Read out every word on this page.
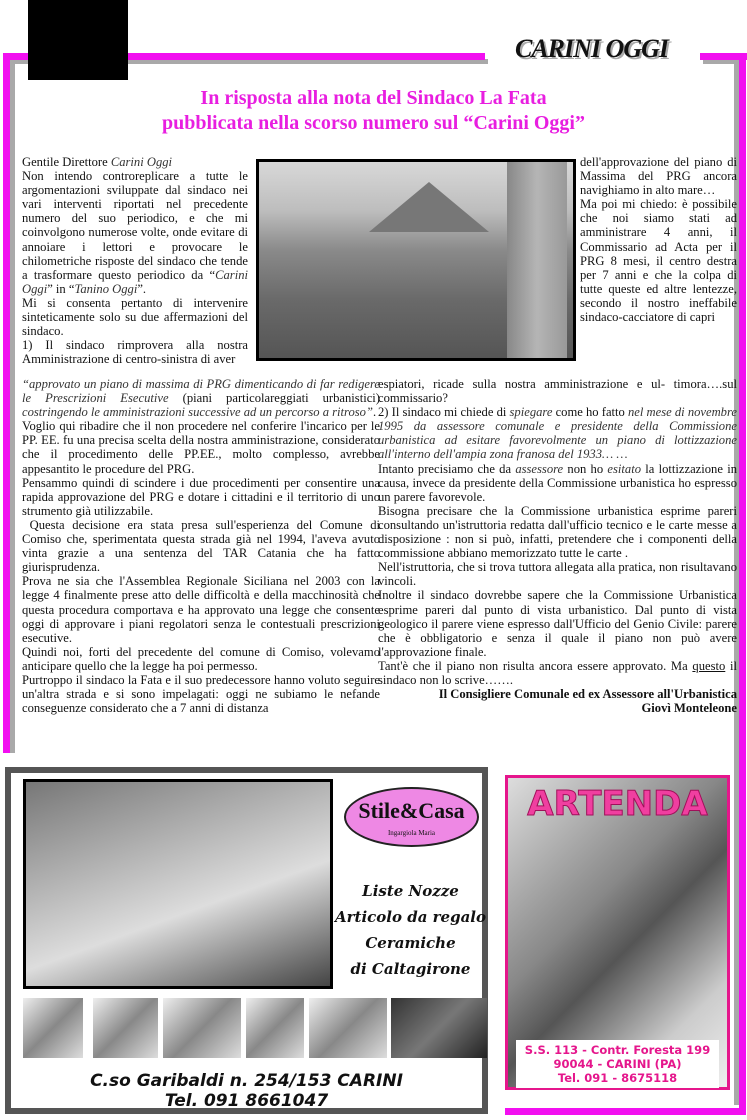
CARINI OGGI
In risposta alla nota del Sindaco La Fata
pubblicata nella scorso numero sul “Carini Oggi”

Gentile Direttore Carini Oggi

Non intendo controreplicare a tutte le argomentazioni sviluppate dal sindaco nei vari interventi riportati nel precedente numero del suo periodico, e che mi coinvolgono numerose volte, onde evitare di annoiare i lettori e provocare le chilometriche risposte del sindaco che tende a trasformare questo periodico da “Carini Oggi” in “Tanino Oggi”.

Mi si consenta pertanto di intervenire sinteticamente solo su due affermazioni del sindaco.

1) Il sindaco rimprovera alla nostra Amministrazione di centro-sinistra di aver

“approvato un piano di massima di PRG dimenticando di far redigere le Prescrizioni Esecutive (piani particolareggiati urbanistici) costringendo le amministrazioni successive ad un percorso a ritroso”.

Voglio qui ribadire che il non procedere nel conferire l'incarico per le PP. EE. fu una precisa scelta della nostra amministrazione, considerato che il procedimento delle PP.EE., molto complesso, avrebbe appesantito le procedure del PRG.

Pensammo quindi di scindere i due procedimenti per consentire una rapida approvazione del PRG e dotare i cittadini e il territorio di uno strumento già utilizzabile.

Questa decisione era stata presa sull'esperienza del Comune di Comiso che, sperimentata questa strada già nel 1994, l'aveva avuto vinta grazie a una sentenza del TAR Catania che ha fatto giurisprudenza.

Prova ne sia che l'Assemblea Regionale Siciliana nel 2003 con la legge 4 finalmente prese atto delle difficoltà e della macchinosità che questa procedura comportava e ha approvato una legge che consente oggi di approvare i piani regolatori senza le contestuali prescrizioni esecutive.

Quindi noi, forti del precedente del comune di Comiso, volevamo anticipare quello che la legge ha poi permesso.

Purtroppo il sindaco la Fata e il suo predecessore hanno voluto seguire un'altra strada e si sono impelagati: oggi ne subiamo le nefande conseguenze considerato che a 7 anni di distanza

dell'approvazione del piano di Massima del PRG ancora navighiamo in alto mare…

Ma poi mi chiedo: è possibile che noi siamo stati ad amministrare 4 anni, il Commissario ad Acta per il PRG 8 mesi, il centro destra per 7 anni e che la colpa di tutte queste ed altre lentezze, secondo il nostro ineffabile sindaco-cacciatore di capri

espiatori, ricade sulla nostra amministrazione e ul- timora….sul commissario?

2) Il sindaco mi chiede di spiegare come ho fatto nel mese di novembre 1995 da assessore comunale e presidente della Commissione urbanistica ad esitare favorevolmente un piano di lottizzazione all'interno dell'ampia zona franosa del 1933… …

Intanto precisiamo che da assessore non ho esitato la lottizzazione in causa, invece da presidente della Commissione urbanistica ho espresso un parere favorevole.

Bisogna precisare che la Commissione urbanistica esprime pareri consultando un'istruttoria redatta dall'ufficio tecnico e le carte messe a disposizione : non si può, infatti, pretendere che i componenti della commissione abbiano memorizzato tutte le carte .

Nell'istruttoria, che si trova tuttora allegata alla pratica, non risultavano vincoli.

Inoltre il sindaco dovrebbe sapere che la Commissione Urbanistica esprime pareri dal punto di vista urbanistico. Dal punto di vista geologico il parere viene espresso dall'Ufficio del Genio Civile: parere che è obbligatorio e senza il quale il piano non può avere l'approvazione finale.

Tant'è che il piano non risulta ancora essere approvato. Ma questo il sindaco non lo scrive…….

Il Consigliere Comunale ed ex Assessore all'Urbanistica

Giovì Monteleone

Stile&Casa
Ingargiola Maria
Liste Nozze
Articolo da regalo
Ceramiche
di Caltagirone
C.so Garibaldi n. 254/153 CARINI
Tel. 091 8661047
ARTENDA
S.S. 113 - Contr. Foresta 199
90044 - CARINI (PA)
Tel. 091 - 8675118
